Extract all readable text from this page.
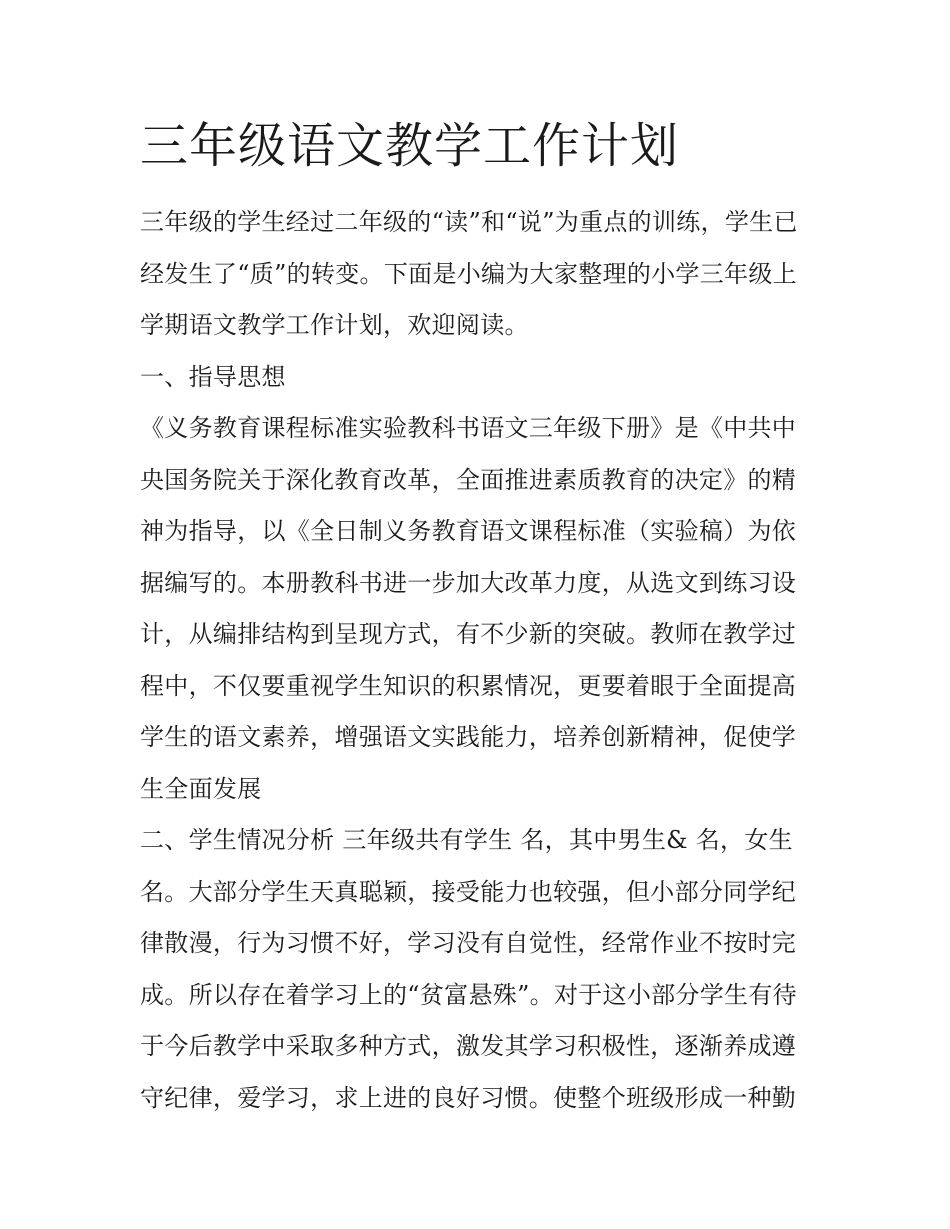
三年级语文教学工作计划
三年级的学生经过二年级的“读”和“说”为重点的训练，学生已
经发生了“质”的转变。下面是小编为大家整理的小学三年级上
学期语文教学工作计划，欢迎阅读。
一、指导思想
《义务教育课程标准实验教科书语文三年级下册》是《中共中
央国务院关于深化教育改革，全面推进素质教育的决定》的精
神为指导，以《全日制义务教育语文课程标准（实验稿）为依
据编写的。本册教科书进一步加大改革力度，从选文到练习设
计，从编排结构到呈现方式，有不少新的突破。教师在教学过
程中，不仅要重视学生知识的积累情况，更要着眼于全面提高
学生的语文素养，增强语文实践能力，培养创新精神，促使学
生全面发展
二、学生情况分析 三年级共有学生 名，其中男生& 名，女生
名。大部分学生天真聪颖，接受能力也较强，但小部分同学纪
律散漫，行为习惯不好，学习没有自觉性，经常作业不按时完
成。所以存在着学习上的“贫富悬殊”。对于这小部分学生有待
于今后教学中采取多种方式，激发其学习积极性，逐渐养成遵
守纪律，爱学习，求上进的良好习惯。使整个班级形成一种勤
